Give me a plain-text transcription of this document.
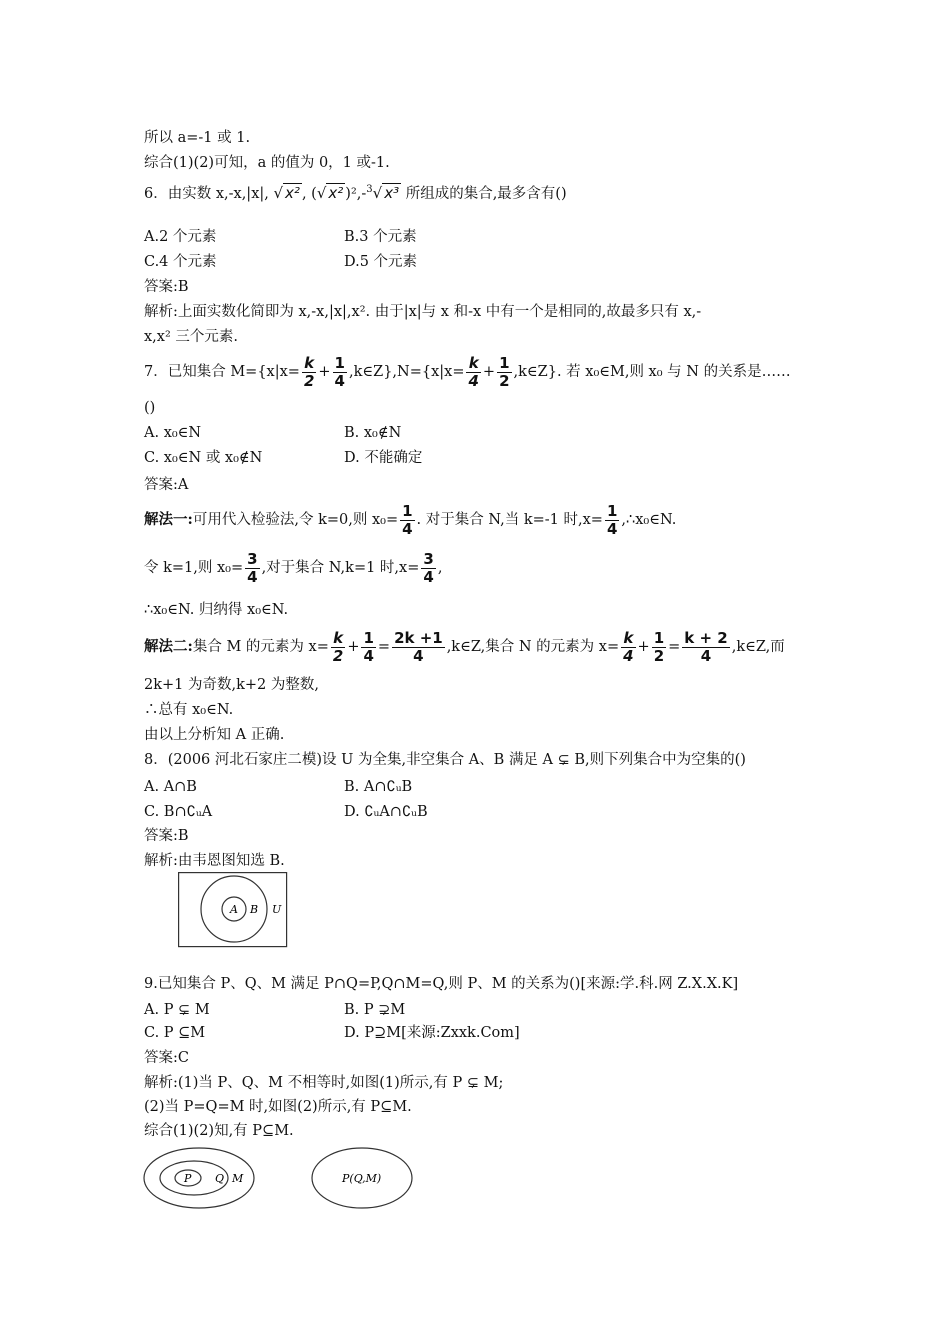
所以 a=-1 或 1.
综合(1)(2)可知，a 的值为 0，1 或-1.
6．由实数 x,-x,|x|, √ x² , (√ x² )²,-$^3$√ x³ 所组成的集合,最多含有()
A.2 个元素	B.3 个元素
C.4 个元素	D.5 个元素
答案:B
解析:上面实数化简即为 x,-x,|x|,x². 由于|x|与 x 和-x 中有一个是相同的,故最多只有 x,-
x,x² 三个元素.
7．已知集合 $M=\{x|x= \frac{k}{2} + \frac{1}{4}$ ,k∈Z},N={x|x= $\frac{k}{4} + \frac{1}{2}$ ,k∈Z}. 若 x₀∈M,则 x₀ 与 N 的关系是……
()
A. x₀∈N	B. x₀∉N
C. x₀∈N 或 x₀∉N	D. 不能确定
答案:A
解法一:可用代入检验法,令 k=0,则 $x_0= \frac{1}{4}$ . 对于集合 N,当 k=-1 时$,x= \frac{1}{4}$ ,∴x₀∈N.
令 k=1,则 $x_0= \frac{3}{4}$ ,对于集合 N,k=1 时$,x= \frac{3}{4}$ ,
∴x₀∈N. 归纳得 x₀∈N.
解法二:集合 M 的元素为 $x= \frac{k}{2} + \frac{1}{4} = \frac{2k +1}{4}$ ,k∈Z,集合 N 的元素为 $x= \frac{k}{4} + \frac{1}{2} = \frac{k + 2}{4}$ ,k∈Z,而
2k+1 为奇数,k+2 为整数,
∴总有 x₀∈N.
由以上分析知 A 正确.
8．(2006 河北石家庄二模)设 U 为全集,非空集合 A、B 满足 A ⊊ B,则下列集合中为空集的()
A. A∩B	B. A∩∁ᵤB
C. B∩∁ᵤA	D. ∁ᵤA∩∁ᵤB
答案:B
解析:由韦恩图知选 B.
A B U
9.已知集合 P、Q、M 满足 P∩Q=P,Q∩M=Q,则 P、M 的关系为()[来源:学.科.网 Z.X.X.K]
A. P ⊊ M	B. P ⊋M
C. P ⊆M	D. P⊇M[来源:Zxxk.Com]
答案:C
解析:(1)当 P、Q、M 不相等时,如图(1)所示,有 P ⊊ M;
(2)当 P=Q=M 时,如图(2)所示,有 P⊆M.
综合(1)(2)知,有 P⊆M.
P Q M	P(Q,M)
